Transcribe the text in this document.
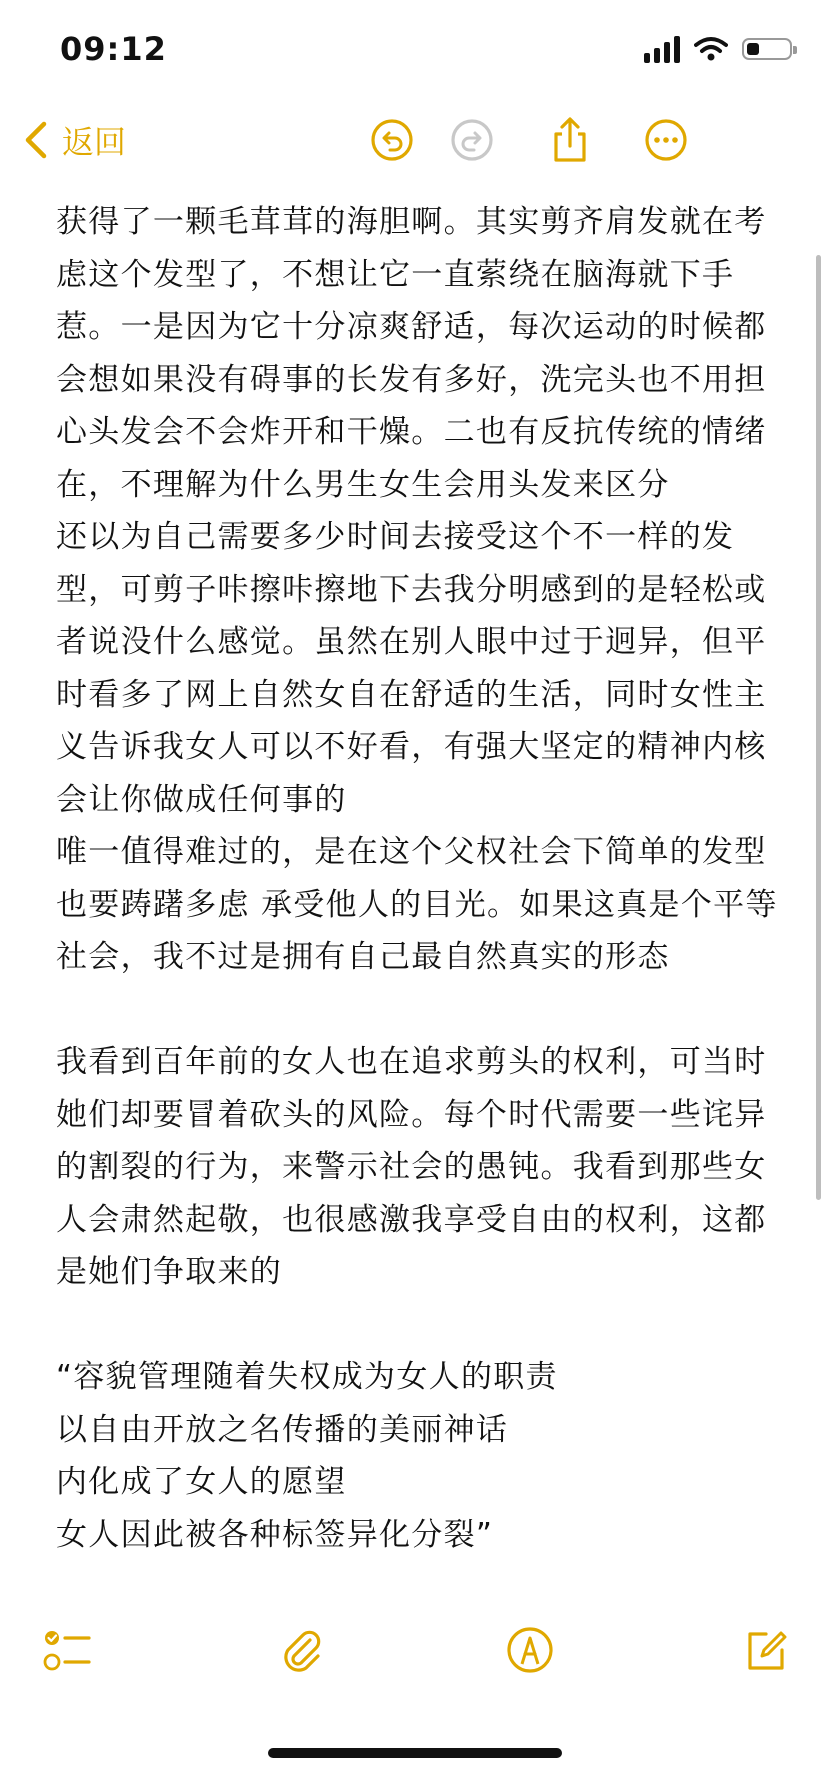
09:12
返回

获得了一颗毛茸茸的海胆啊。其实剪齐肩发就在考虑这个发型了，不想让它一直萦绕在脑海就下手惹。一是因为它十分凉爽舒适，每次运动的时候都会想如果没有碍事的长发有多好，洗完头也不用担心头发会不会炸开和干燥。二也有反抗传统的情绪在，不理解为什么男生女生会用头发来区分

还以为自己需要多少时间去接受这个不一样的发型，可剪子咔擦咔擦地下去我分明感到的是轻松或者说没什么感觉。虽然在别人眼中过于迥异，但平时看多了网上自然女自在舒适的生活，同时女性主义告诉我女人可以不好看，有强大坚定的精神内核会让你做成任何事的

唯一值得难过的，是在这个父权社会下简单的发型也要踌躇多虑 承受他人的目光。如果这真是个平等社会，我不过是拥有自己最自然真实的形态

我看到百年前的女人也在追求剪头的权利，可当时她们却要冒着砍头的风险。每个时代需要一些诧异的割裂的行为，来警示社会的愚钝。我看到那些女人会肃然起敬，也很感激我享受自由的权利，这都是她们争取来的

“容貌管理随着失权成为女人的职责

以自由开放之名传播的美丽神话

内化成了女人的愿望

女人因此被各种标签异化分裂”
